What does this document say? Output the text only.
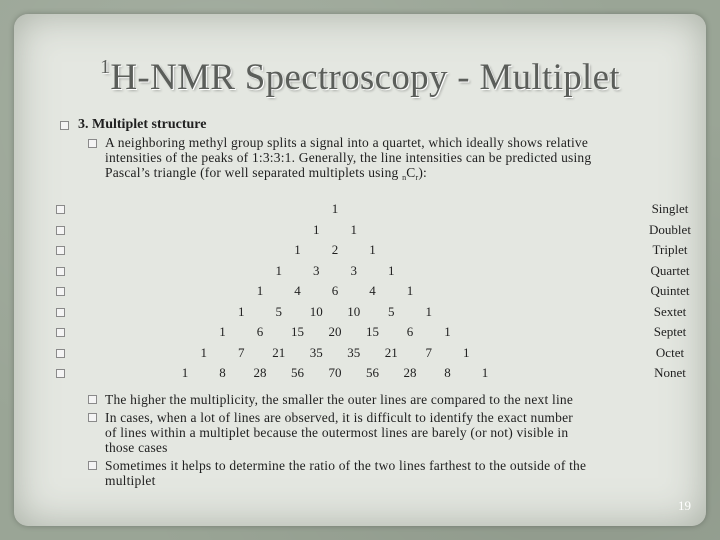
$^1$H-NMR Spectroscopy - Multiplet
3. Multiplet structure
A neighboring methyl group splits a signal into a quartet, which ideally shows relative
intensities of the peaks of 1:3:3:1. Generally, the line intensities can be predicted using
Pascal’s triangle (for well separated multiplets using $_nC_r$):
1	Singlet
1 1	Doublet
1 2 1	Triplet
1 3 3 1	Quartet
1 4 6 4 1	Quintet
1 5 10 10 5 1	Sextet
1 6 15 20 15 6 1	Septet
1 7 21 35 35 21 7 1	Octet
1 8 28 56 70 56 28 8 1	Nonet
The higher the multiplicity, the smaller the outer lines are compared to the next line
In cases, when a lot of lines are observed, it is difficult to identify the exact number
of lines within a multiplet because the outermost lines are barely (or not) visible in
those cases
Sometimes it helps to determine the ratio of the two lines farthest to the outside of the
multiplet
19
